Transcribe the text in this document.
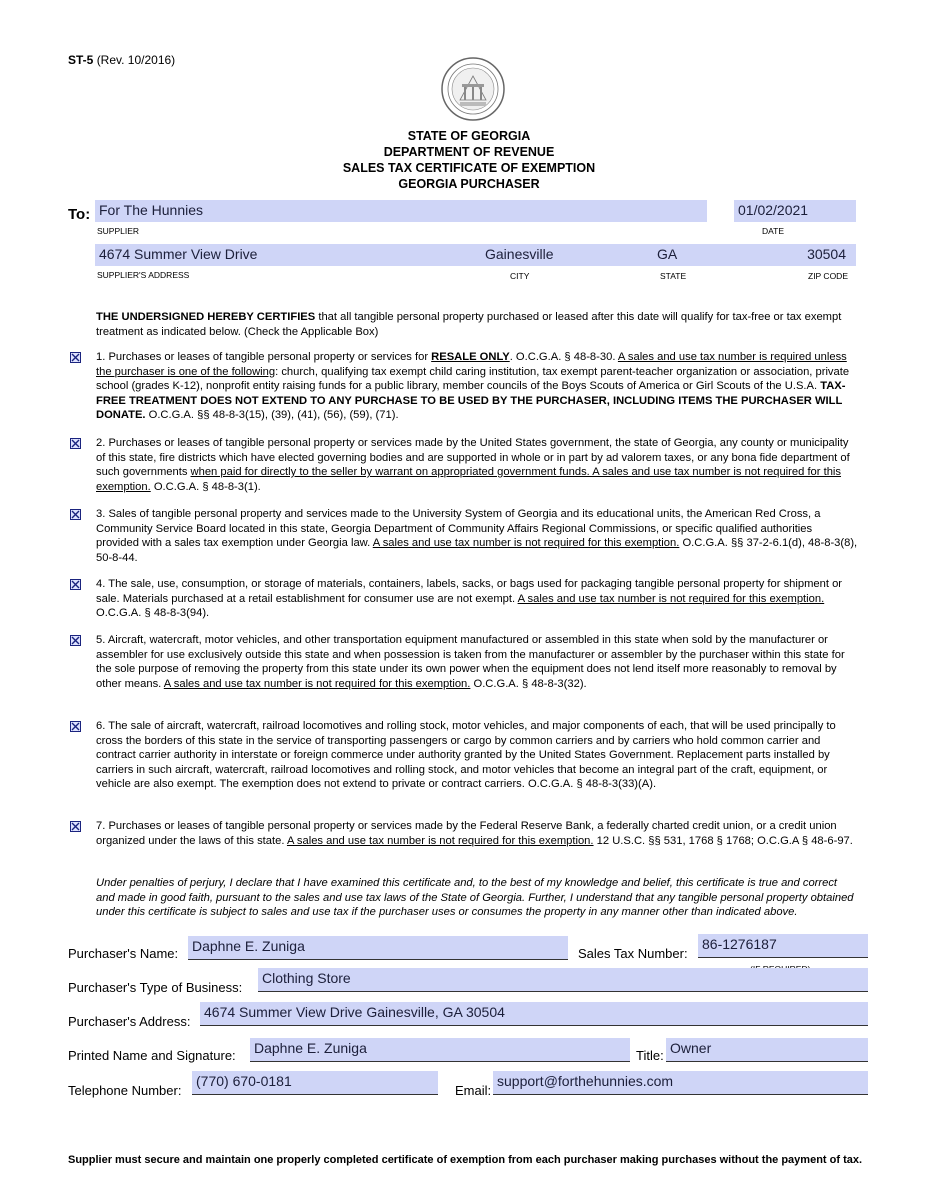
ST-5 (Rev. 10/2016)
STATE OF GEORGIA
DEPARTMENT OF REVENUE
SALES TAX CERTIFICATE OF EXEMPTION
GEORGIA PURCHASER
To: For The Hunnies	01/02/2021
SUPPLIER	DATE
4674 Summer View Drive	Gainesville	GA	30504
SUPPLIER'S ADDRESS	CITY	STATE	ZIP CODE
THE UNDERSIGNED HEREBY CERTIFIES that all tangible personal property purchased or leased after this date will qualify for tax-free or tax exempt treatment as indicated below. (Check the Applicable Box)
1. Purchases or leases of tangible personal property or services for RESALE ONLY. O.C.G.A. § 48-8-30. A sales and use tax number is required unless the purchaser is one of the following: church, qualifying tax exempt child caring institution, tax exempt parent-teacher organization or association, private school (grades K-12), nonprofit entity raising funds for a public library, member councils of the Boys Scouts of America or Girl Scouts of the U.S.A. TAX-FREE TREATMENT DOES NOT EXTEND TO ANY PURCHASE TO BE USED BY THE PURCHASER, INCLUDING ITEMS THE PURCHASER WILL DONATE. O.C.G.A. §§ 48-8-3(15), (39), (41), (56), (59), (71).
2. Purchases or leases of tangible personal property or services made by the United States government, the state of Georgia, any county or municipality of this state, fire districts which have elected governing bodies and are supported in whole or in part by ad valorem taxes, or any bona fide department of such governments when paid for directly to the seller by warrant on appropriated government funds. A sales and use tax number is not required for this exemption. O.C.G.A. § 48-8-3(1).
3. Sales of tangible personal property and services made to the University System of Georgia and its educational units, the American Red Cross, a Community Service Board located in this state, Georgia Department of Community Affairs Regional Commissions, or specific qualified authorities provided with a sales tax exemption under Georgia law. A sales and use tax number is not required for this exemption. O.C.G.A. §§ 37-2-6.1(d), 48-8-3(8), 50-8-44.
4. The sale, use, consumption, or storage of materials, containers, labels, sacks, or bags used for packaging tangible personal property for shipment or sale. Materials purchased at a retail establishment for consumer use are not exempt. A sales and use tax number is not required for this exemption. O.C.G.A. § 48-8-3(94).
5. Aircraft, watercraft, motor vehicles, and other transportation equipment manufactured or assembled in this state when sold by the manufacturer or assembler for use exclusively outside this state and when possession is taken from the manufacturer or assembler by the purchaser within this state for the sole purpose of removing the property from this state under its own power when the equipment does not lend itself more reasonably to removal by other means. A sales and use tax number is not required for this exemption. O.C.G.A. § 48-8-3(32).
6. The sale of aircraft, watercraft, railroad locomotives and rolling stock, motor vehicles, and major components of each, that will be used principally to cross the borders of this state in the service of transporting passengers or cargo by common carriers and by carriers who hold common carrier and contract carrier authority in interstate or foreign commerce under authority granted by the United States Government. Replacement parts installed by carriers in such aircraft, watercraft, railroad locomotives and rolling stock, and motor vehicles that become an integral part of the craft, equipment, or vehicle are also exempt. The exemption does not extend to private or contract carriers. O.C.G.A. § 48-8-3(33)(A).
7. Purchases or leases of tangible personal property or services made by the Federal Reserve Bank, a federally charted credit union, or a credit union organized under the laws of this state. A sales and use tax number is not required for this exemption. 12 U.S.C. §§ 531, 1768 § 1768; O.C.G.A § 48-6-97.
Under penalties of perjury, I declare that I have examined this certificate and, to the best of my knowledge and belief, this certificate is true and correct and made in good faith, pursuant to the sales and use tax laws of the State of Georgia. Further, I understand that any tangible personal property obtained under this certificate is subject to sales and use tax if the purchaser uses or consumes the property in any manner other than indicated above.
Purchaser's Name: Daphne E. Zuniga	Sales Tax Number:
86-1276187
Purchaser's Type of Business:
Clothing Store
Purchaser's Address:
4674 Summer View Drive Gainesville, GA 30504
Printed Name and Signature: Daphne E. Zuniga	Title: Owner
Telephone Number:
(770) 670-0181
Email:
support@forthehunnies.com
Supplier must secure and maintain one properly completed certificate of exemption from each purchaser making purchases without the payment of tax.
